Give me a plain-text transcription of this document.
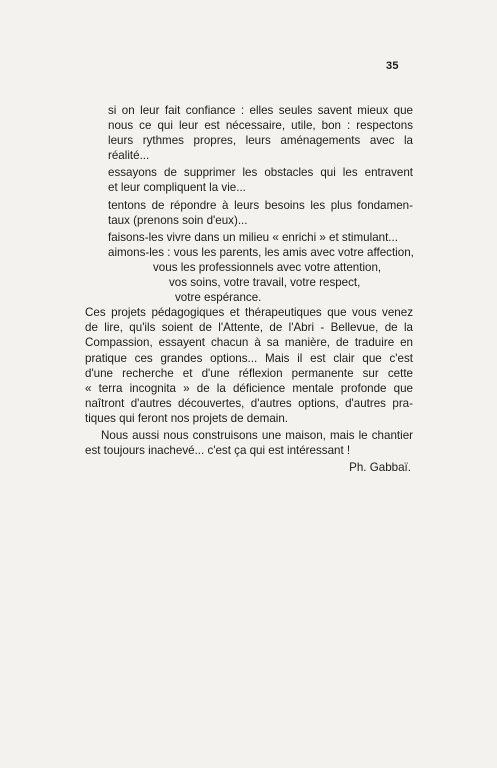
35
si on leur fait confiance : elles seules savent mieux que
nous ce qui leur est nécessaire, utile, bon : respectons
leurs rythmes propres, leurs aménagements avec la
réalité...
essayons de supprimer les obstacles qui les entravent
et leur compliquent la vie...
tentons de répondre à leurs besoins les plus fondamen-
taux (prenons soin d'eux)...
faisons-les vivre dans un milieu « enrichi » et stimulant...
aimons-les : vous les parents, les amis avec votre affection,
vous les professionnels avec votre attention,
vos soins, votre travail, votre respect,
votre espérance.
Ces projets pédagogiques et thérapeutiques que vous venez
de lire, qu'ils soient de l'Attente, de l'Abri - Bellevue, de la
Compassion, essayent chacun à sa manière, de traduire en
pratique ces grandes options... Mais il est clair que c'est
d'une recherche et d'une réflexion permanente sur cette
« terra incognita » de la déficience mentale profonde que
naîtront d'autres découvertes, d'autres options, d'autres pra-
tiques qui feront nos projets de demain.
Nous aussi nous construisons une maison, mais le chantier
est toujours inachevé... c'est ça qui est intéressant !
Ph. Gabbaï.
